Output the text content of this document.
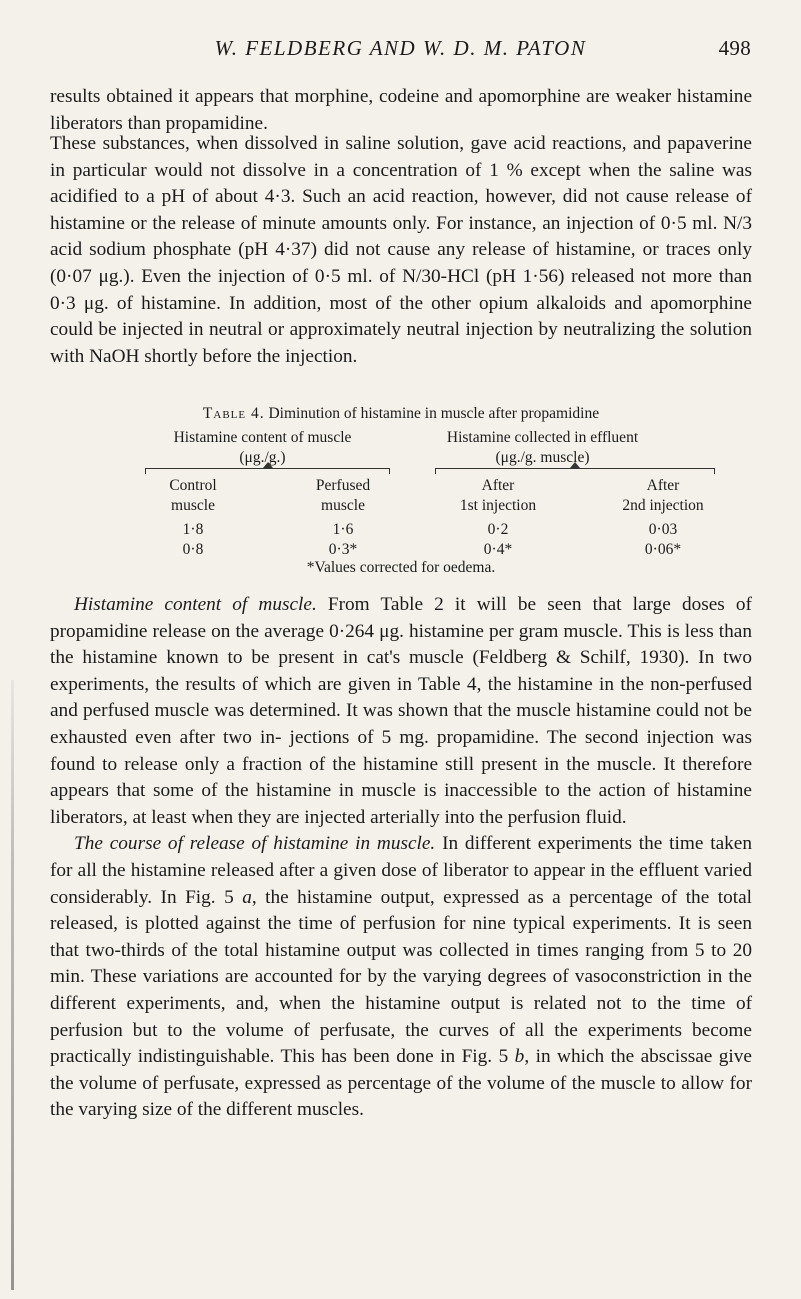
W. FELDBERG AND W. D. M. PATON	498

results obtained it appears that morphine, codeine and apomorphine are weaker histamine liberators than propamidine.

These substances, when dissolved in saline solution, gave acid reactions, and papaverine in particular would not dissolve in a concentration of 1 % except when the saline was acidified to a pH of about 4·3. Such an acid reaction, however, did not cause release of histamine or the release of minute amounts only. For instance, an injection of 0·5 ml. N/3 acid sodium phosphate (pH 4·37) did not cause any release of histamine, or traces only (0·07 μg.). Even the injection of 0·5 ml. of N/30-HCl (pH 1·56) released not more than 0·3 μg. of histamine. In addition, most of the other opium alkaloids and apomorphine could be injected in neutral or approximately neutral injection by neutralizing the solution with NaOH shortly before the injection.

Table 4. Diminution of histamine in muscle after propamidine
Histamine content of muscle
(μg./g.)
Histamine collected in effluent
(μg./g. muscle)
Control
muscle
1·8
0·8
Perfused
muscle
1·6
0·3*
After
1st injection
0·2
0·4*
After
2nd injection
0·03
0·06*
*Values corrected for oedema.

Histamine content of muscle. From Table 2 it will be seen that large doses of propamidine release on the average 0·264 μg. histamine per gram muscle. This is less than the histamine known to be present in cat's muscle (Feldberg & Schilf, 1930). In two experiments, the results of which are given in Table 4, the histamine in the non-perfused and perfused muscle was determined. It was shown that the muscle histamine could not be exhausted even after two in- jections of 5 mg. propamidine. The second injection was found to release only a fraction of the histamine still present in the muscle. It therefore appears that some of the histamine in muscle is inaccessible to the action of histamine liberators, at least when they are injected arterially into the perfusion fluid.
The course of release of histamine in muscle. In different experiments the time taken for all the histamine released after a given dose of liberator to appear in the effluent varied considerably. In Fig. 5 a, the histamine output, expressed as a percentage of the total released, is plotted against the time of perfusion for nine typical experiments. It is seen that two-thirds of the total histamine output was collected in times ranging from 5 to 20 min. These variations are accounted for by the varying degrees of vasoconstriction in the different experiments, and, when the histamine output is related not to the time of perfusion but to the volume of perfusate, the curves of all the experiments become practically indistinguishable. This has been done in Fig. 5 b, in which the abscissae give the volume of perfusate, expressed as percentage of the volume of the muscle to allow for the varying size of the different muscles.
